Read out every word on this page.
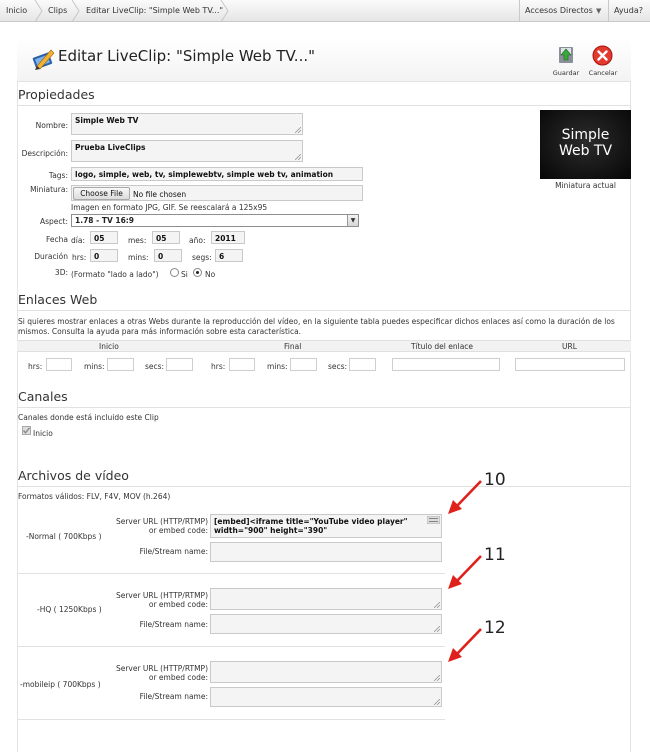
Inicio	Clips Editar LiveClip: "Simple Web TV..."	Accesos Directos ▼	Ayuda?
Editar LiveClip: "Simple Web TV..."
Guardar	Cancelar
Propiedades
Nombre:
Simple Web TV
Descripción:
Prueba LiveClips
Tags: logo, simple, web, tv, simplewebtv, simple web tv, animation
Miniatura:	Choose File	No file chosen
Imagen en formato JPG, GIF. Se reescalará a 125x95
Aspect: 1.78 - TV 16:9	▼
Fecha día:	05	mes:	05	año:	2011
Duración hrs:	0	mins:	0	segs: 6
3D: (Formato "lado a lado")	Si No
Simple
Web TV
Miniatura actual
Enlaces Web
Si quieres mostrar enlaces a otras Webs durante la reproducción del vídeo, en la siguiente tabla puedes especificar dichos enlaces así como la duración de los mismos. Consulta la ayuda para más información sobre esta característica.
Inicio	Final	Título del enlace	URL
hrs:	mins:	secs:	hrs:	mins:	secs:
Canales
Canales donde está incluido este Clip
Inicio
Archivos de vídeo
Formatos válidos: FLV, F4V, MOV (h.264)
-Normal ( 700Kbps )
Server URL (HTTP/RTMP)
or embed code:
[embed]<iframe title="YouTube video player" width="900" height="390"
File/Stream name:
-HQ ( 1250Kbps )
Server URL (HTTP/RTMP)
or embed code:
File/Stream name:
-mobileip ( 700Kbps )
Server URL (HTTP/RTMP)
or embed code:
File/Stream name:
10
11
12
